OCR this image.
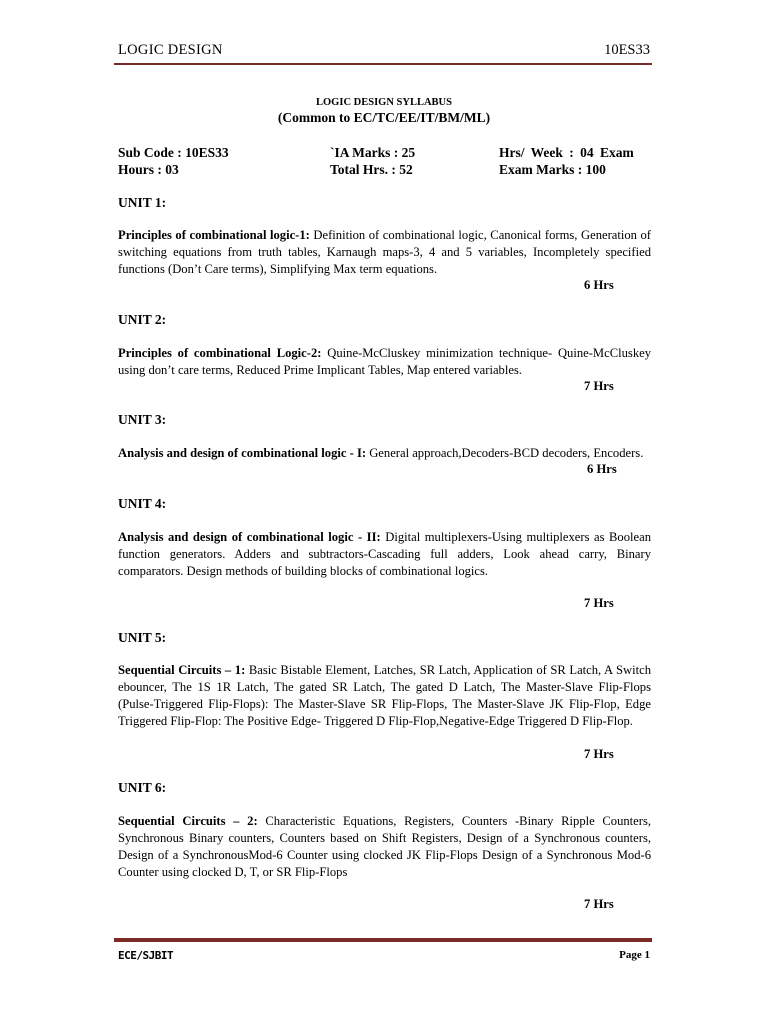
LOGIC DESIGN	10ES33
LOGIC DESIGN SYLLABUS
(Common to EC/TC/EE/IT/BM/ML)
Sub Code : 10ES33
Hours : 03
`IA Marks : 25
Total Hrs. : 52
Hrs/ Week : 04 Exam
Exam Marks : 100
UNIT 1:
Principles of combinational logic-1: Definition of combinational logic, Canonical forms, Generation of switching equations from truth tables, Karnaugh maps-3, 4 and 5 variables, Incompletely specified functions (Don’t Care terms), Simplifying Max term equations.
6 Hrs
UNIT 2:
Principles of combinational Logic-2: Quine-McCluskey minimization technique- Quine-McCluskey using don’t care terms, Reduced Prime Implicant Tables, Map entered variables.
7 Hrs
UNIT 3:
Analysis and design of combinational logic - I: General approach,Decoders-BCD decoders, Encoders.
6 Hrs
UNIT 4:
Analysis and design of combinational logic - II: Digital multiplexers-Using multiplexers as Boolean function generators. Adders and subtractors-Cascading full adders, Look ahead carry, Binary comparators. Design methods of building blocks of combinational logics.
7 Hrs
UNIT 5:
Sequential Circuits – 1: Basic Bistable Element, Latches, SR Latch, Application of SR Latch, A Switch ebouncer, The 1S 1R Latch, The gated SR Latch, The gated D Latch, The Master-Slave Flip-Flops (Pulse-Triggered Flip-Flops): The Master-Slave SR Flip-Flops, The Master-Slave JK Flip-Flop, Edge Triggered Flip-Flop: The Positive Edge- Triggered D Flip-Flop,Negative-Edge Triggered D Flip-Flop.
7 Hrs
UNIT 6:
Sequential Circuits – 2: Characteristic Equations, Registers, Counters -Binary Ripple Counters, Synchronous Binary counters, Counters based on Shift Registers, Design of a Synchronous counters, Design of a SynchronousMod-6 Counter using clocked JK Flip-Flops Design of a Synchronous Mod-6 Counter using clocked D, T, or SR Flip-Flops
7 Hrs
ECE/SJBIT	Page 1
